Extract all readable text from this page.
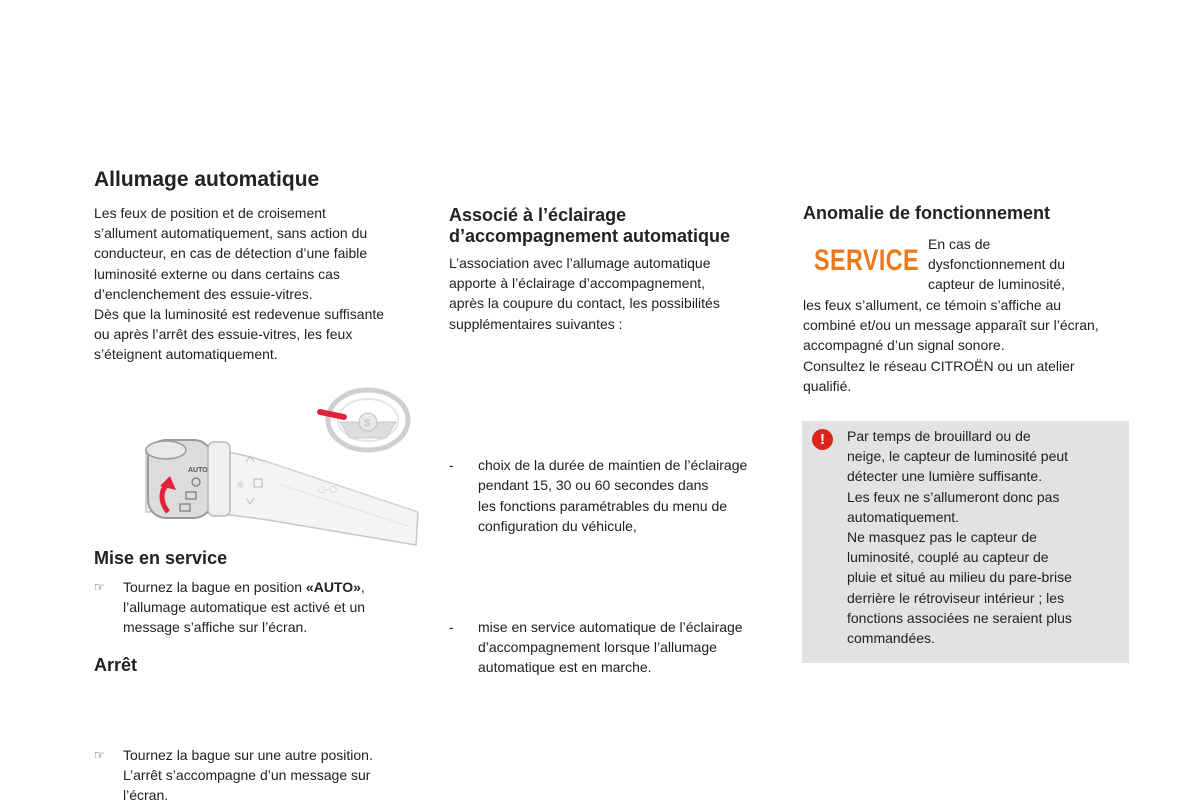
Allumage automatique
Les feux de position et de croisement
s’allument automatiquement, sans action du
conducteur, en cas de détection d’une faible
luminosité externe ou dans certains cas
d’enclenchement des essuie-vitres.
Dès que la luminosité est redevenue suffisante
ou après l’arrêt des essuie-vitres, les feux
s’éteignent automatiquement.
S
AUTO
☼	○-○
Mise en service
☞ Tournez la bague en position «AUTO»,
l’allumage automatique est activé et un
message s’affiche sur l’écran.
Arrêt
☞ Tournez la bague sur une autre position.
L’arrêt s’accompagne d’un message sur
l’écran.
Associé à l’éclairage
d’accompagnement automatique
L’association avec l’allumage automatique
apporte à l’éclairage d’accompagnement,
après la coupure du contact, les possibilités
supplémentaires suivantes :
- choix de la durée de maintien de l’éclairage
pendant 15, 30 ou 60 secondes dans
les fonctions paramétrables du menu de
configuration du véhicule,
- mise en service automatique de l’éclairage
d’accompagnement lorsque l’allumage
automatique est en marche.
Anomalie de fonctionnement
SERVICE En cas de
dysfonctionnement du
capteur de luminosité,
les feux s’allument, ce témoin s’affiche au
combiné et/ou un message apparaît sur l’écran,
accompagné d’un signal sonore.
Consultez le réseau CITROËN ou un atelier
qualifié.
!	Par temps de brouillard ou de
neige, le capteur de luminosité peut
détecter une lumière suffisante.
Les feux ne s’allumeront donc pas
automatiquement.
Ne masquez pas le capteur de
luminosité, couplé au capteur de
pluie et situé au milieu du pare-brise
derrière le rétroviseur intérieur ; les
fonctions associées ne seraient plus
commandées.
